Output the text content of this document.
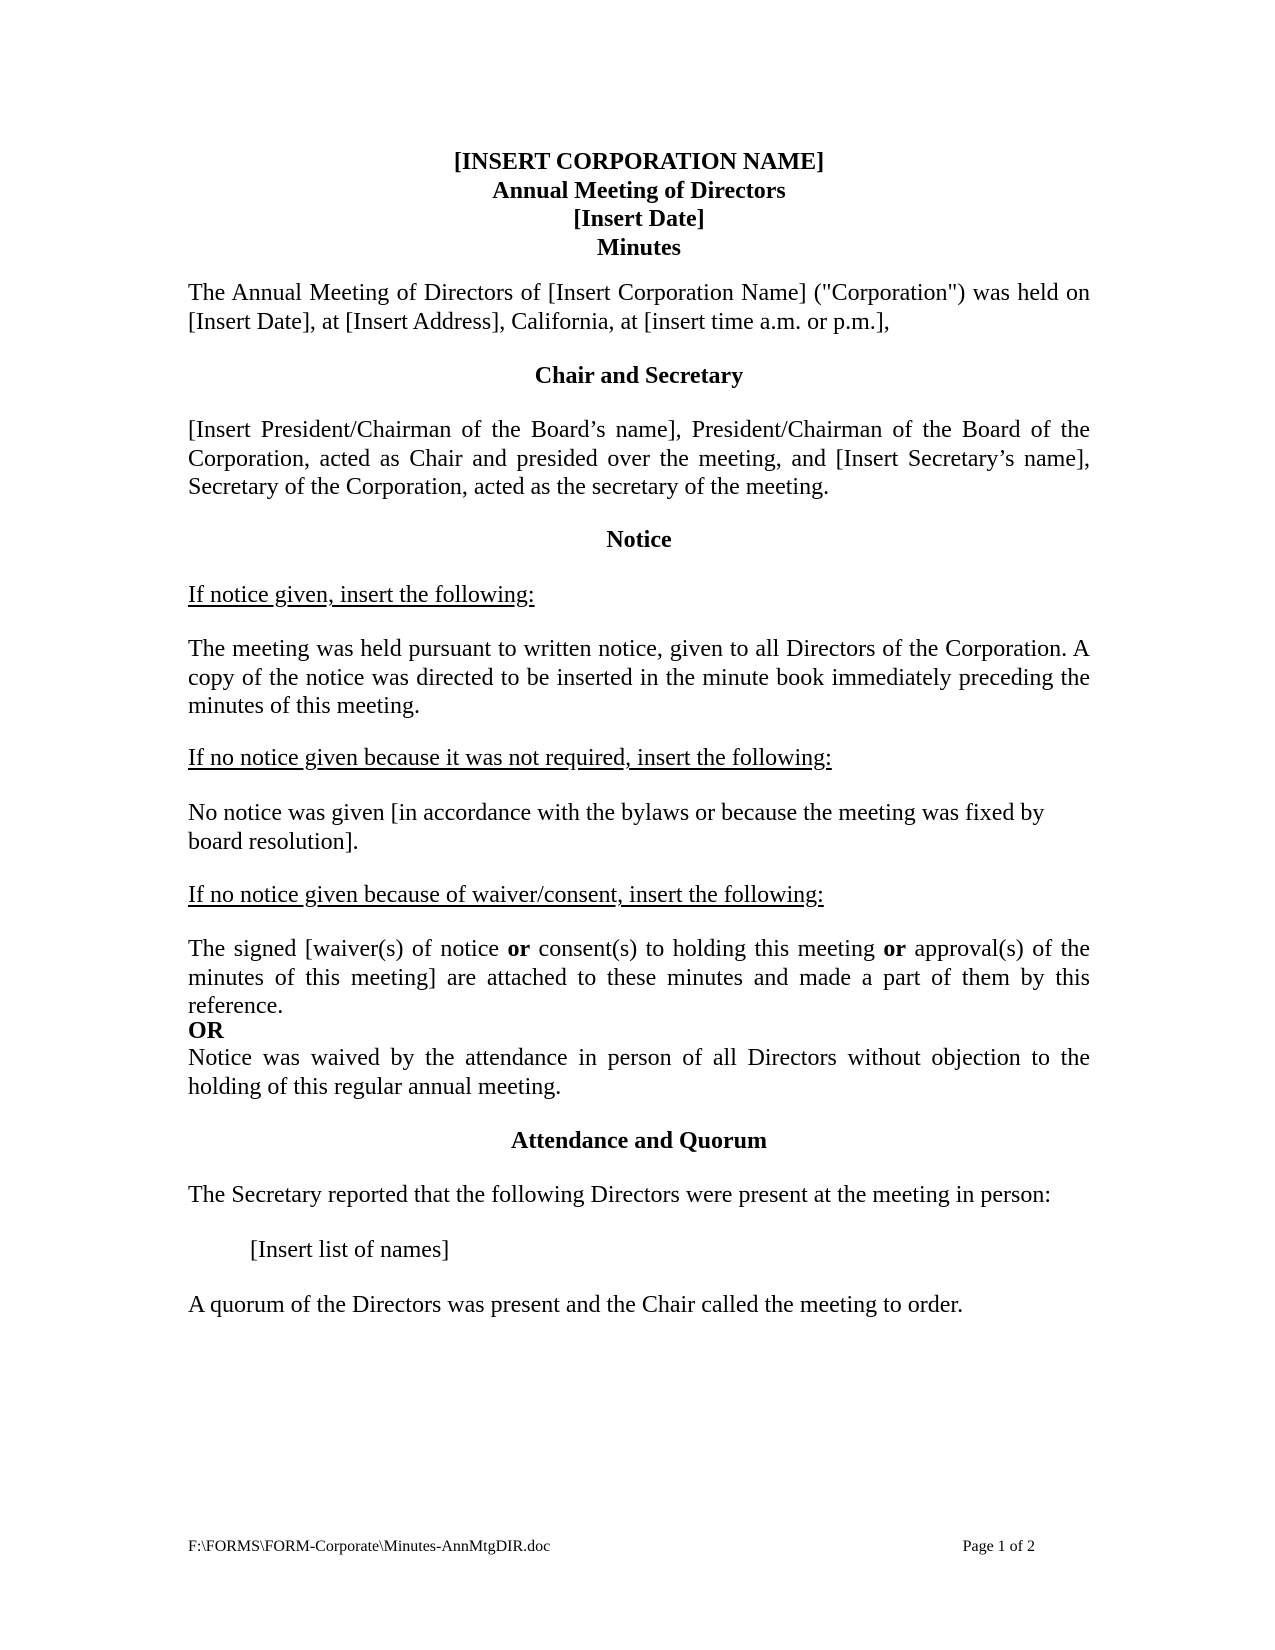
[INSERT CORPORATION NAME]
Annual Meeting of Directors
[Insert Date]
Minutes
The Annual Meeting of Directors of [Insert Corporation Name] ("Corporation") was held on [Insert Date], at [Insert Address], California, at [insert time a.m. or p.m.],
Chair and Secretary
[Insert President/Chairman of the Board’s name], President/Chairman of the Board of the Corporation, acted as Chair and presided over the meeting, and [Insert Secretary’s name], Secretary of the Corporation, acted as the secretary of the meeting.
Notice
If notice given, insert the following:
The meeting was held pursuant to written notice, given to all Directors of the Corporation. A copy of the notice was directed to be inserted in the minute book immediately preceding the minutes of this meeting.
If no notice given because it was not required, insert the following:
No notice was given [in accordance with the bylaws or because the meeting was fixed by board resolution].
If no notice given because of waiver/consent, insert the following:
The signed [waiver(s) of notice or consent(s) to holding this meeting or approval(s) of the minutes of this meeting] are attached to these minutes and made a part of them by this reference.
OR
Notice was waived by the attendance in person of all Directors without objection to the holding of this regular annual meeting.
Attendance and Quorum
The Secretary reported that the following Directors were present at the meeting in person:
[Insert list of names]
A quorum of the Directors was present and the Chair called the meeting to order.
F:\FORMS\FORM-Corporate\Minutes-AnnMtgDIR.doc	Page 1 of 2
